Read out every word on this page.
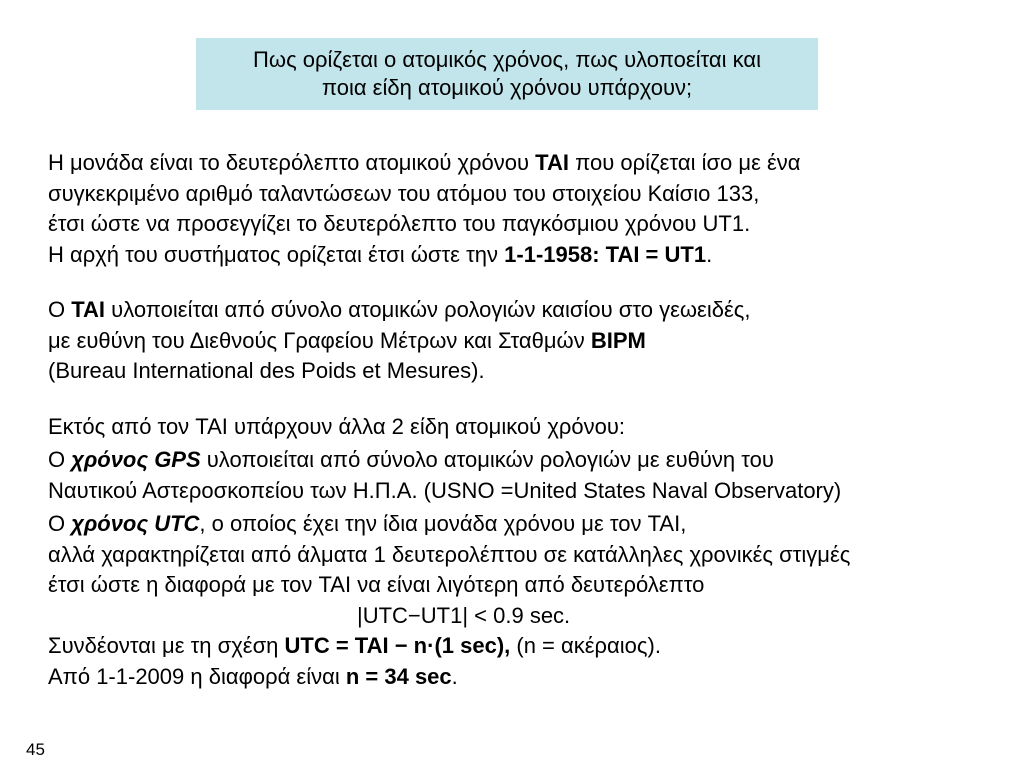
Πως ορίζεται ο ατομικός χρόνος, πως υλοποείται και
ποια είδη ατομικού χρόνου υπάρχουν;
Η μονάδα είναι το δευτερόλεπτο ατομικού χρόνου TAI που ορίζεται ίσο με ένα
συγκεκριμένο αριθμό ταλαντώσεων του ατόμου του στοιχείου Καίσιο 133,
έτσι ώστε να προσεγγίζει το δευτερόλεπτο του παγκόσμιου χρόνου UT1.
Η αρχή του συστήματος ορίζεται έτσι ώστε την 1-1-1958: TAI = UT1.
Ο TAI υλοποιείται από σύνολο ατομικών ρολογιών καισίου στο γεωειδές,
με ευθύνη του Διεθνούς Γραφείου Μέτρων και Σταθμών BIPM
(Bureau International des Poids et Mesures).
Εκτός από τον TAI υπάρχουν άλλα 2 είδη ατομικού χρόνου:
Ο χρόνος GPS υλοποιείται από σύνολο ατομικών ρολογιών με ευθύνη του
Ναυτικού Αστεροσκοπείου των Η.Π.Α. (USNO =United States Naval Observatory)
Ο χρόνος UTC, ο οποίος έχει την ίδια μονάδα χρόνου με τον TAI,
αλλά χαρακτηρίζεται από άλματα 1 δευτερολέπτου σε κατάλληλες χρονικές στιγμές
έτσι ώστε η διαφορά με τον TAI να είναι λιγότερη από δευτερόλεπτο
|UTC−UT1| < 0.9 sec.
Συνδέονται με τη σχέση UTC = TAI − n·(1 sec), (n = ακέραιος).
Από 1-1-2009 η διαφορά είναι n = 34 sec.
45
